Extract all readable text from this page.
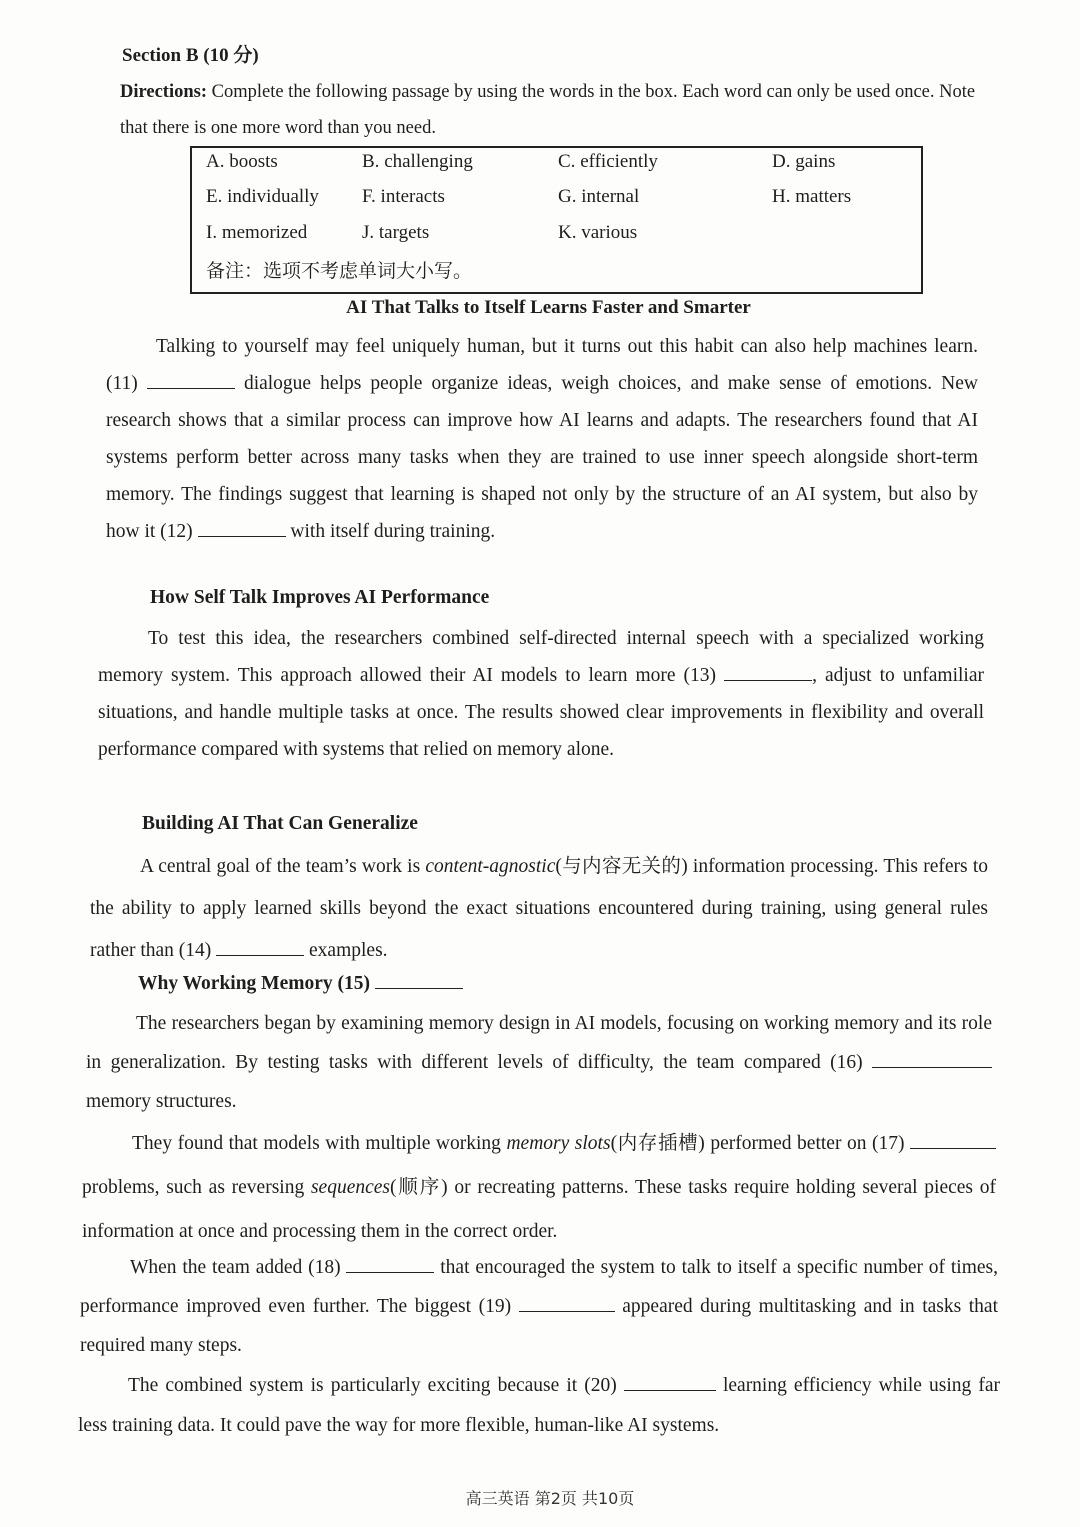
Section B (10 分)
Directions: Complete the following passage by using the words in the box. Each word can only be used once. Note that there is one more word than you need.
A. boosts	B. challenging	C. efficiently	D. gains
E. individually F. interacts	G. internal	H. matters
I. memorized	J. targets	K. various
备注：选项不考虑单词大小写。
AI That Talks to Itself Learns Faster and Smarter
Talking to yourself may feel uniquely human, but it turns out this habit can also help machines learn. (11)	dialogue helps people organize ideas, weigh choices, and make sense of emotions. New research shows that a similar process can improve how AI learns and adapts. The researchers found that AI systems perform better across many tasks when they are trained to use inner speech alongside short-term memory. The findings suggest that learning is shaped not only by the structure of an AI system, but also by how it (12)	with itself during training.
How Self Talk Improves AI Performance
To test this idea, the researchers combined self-directed internal speech with a specialized working memory system. This approach allowed their AI models to learn more (13)	, adjust to unfamiliar situations, and handle multiple tasks at once. The results showed clear improvements in flexibility and overall performance compared with systems that relied on memory alone.
Building AI That Can Generalize
A central goal of the team’s work is content-agnostic(与内容无关的) information processing. This refers to the ability to apply learned skills beyond the exact situations encountered during training, using general rules rather than (14)	examples.
Why Working Memory (15)
The researchers began by examining memory design in AI models, focusing on working memory and its role in generalization. By testing tasks with different levels of difficulty, the team compared (16)  memory structures.
They found that models with multiple working memory slots(内存插槽) performed better on (17)  problems, such as reversing sequences(顺序) or recreating patterns. These tasks require holding several pieces of information at once and processing them in the correct order.
When the team added (18)	that encouraged the system to talk to itself a specific number of times, performance improved even further. The biggest (19)	appeared during multitasking and in tasks that required many steps.
The combined system is particularly exciting because it (20)	learning efficiency while using far less training data. It could pave the way for more flexible, human-like AI systems.
高三英语 第2页 共10页
